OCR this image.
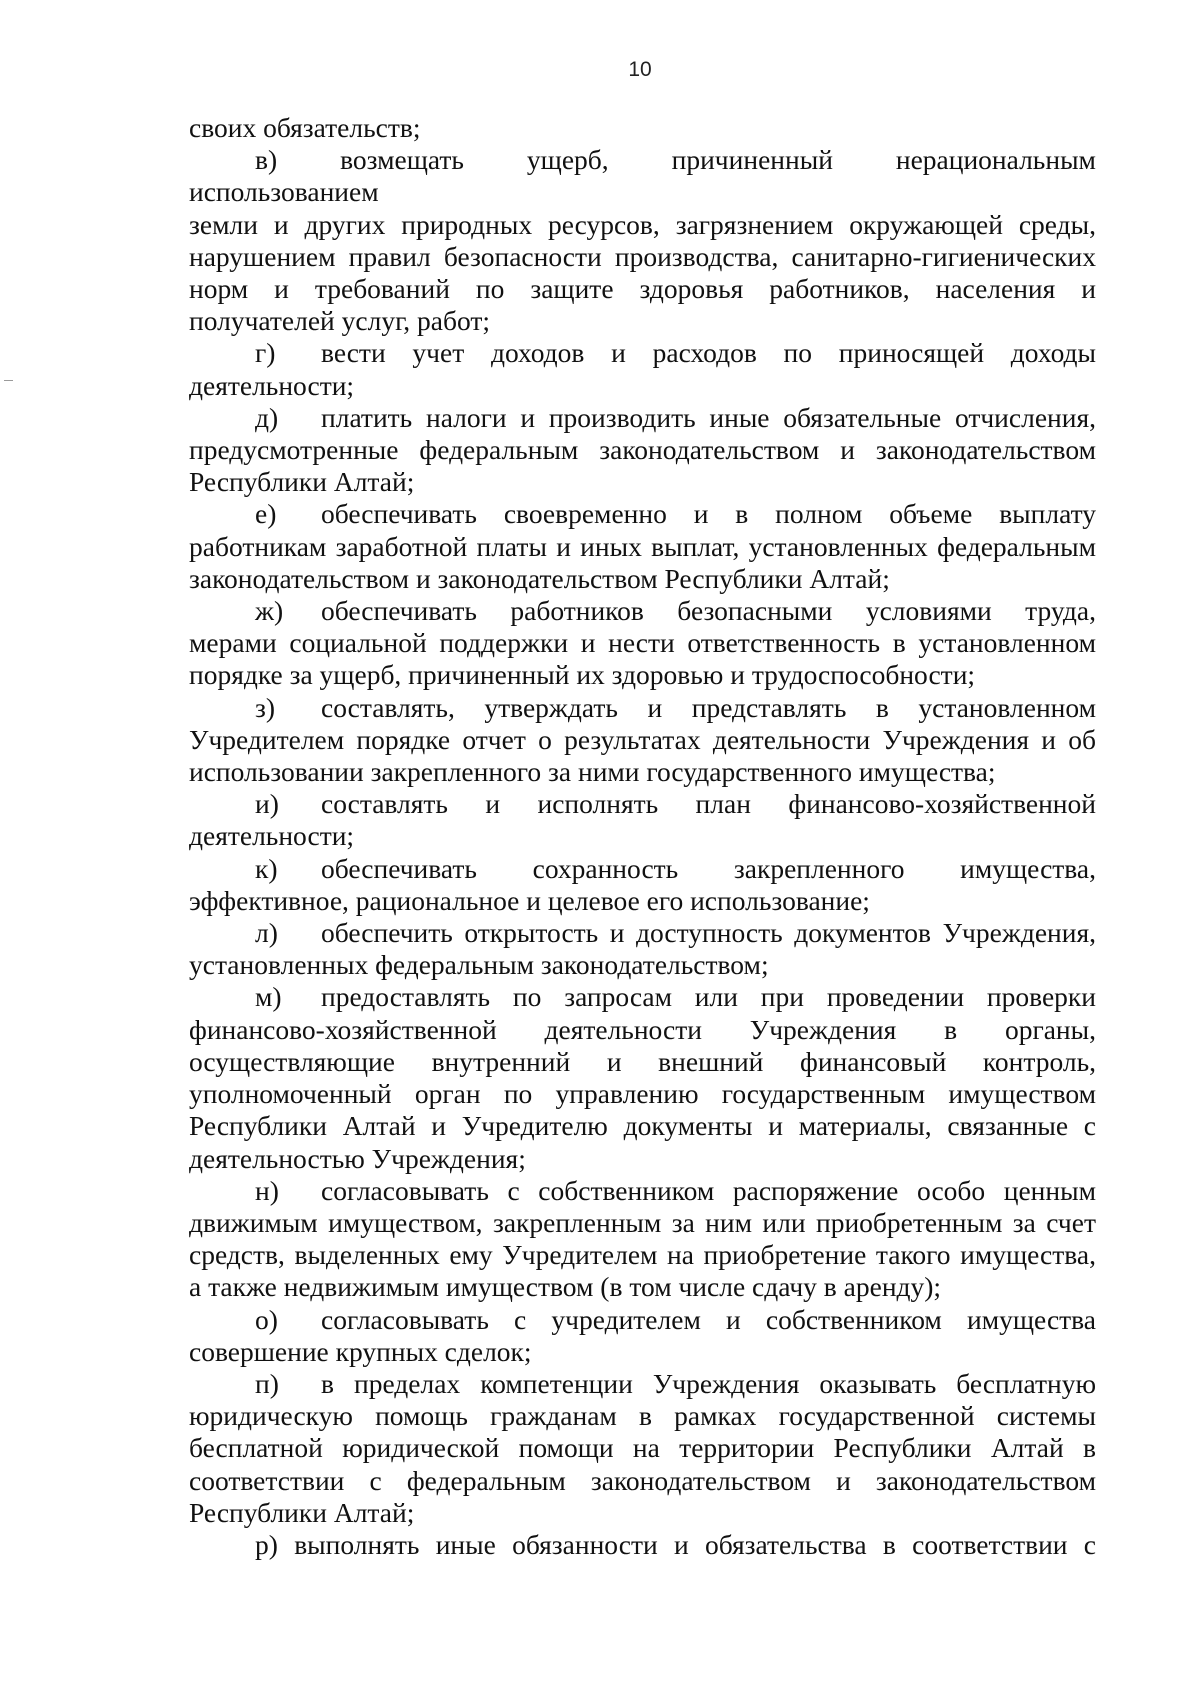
10
своих обязательств;
в) возмещать ущерб, причиненный нерациональным
использованием
земли и других природных ресурсов, загрязнением окружающей среды,
нарушением правил безопасности производства, санитарно-гигиенических
норм и требований по защите здоровья работников, населения и
получателей услуг, работ;
г) вести учет доходов и расходов по приносящей доходы
деятельности;
д) платить налоги и производить иные обязательные отчисления,
предусмотренные федеральным законодательством и законодательством
Республики Алтай;
е) обеспечивать своевременно и в полном объеме выплату
работникам заработной платы и иных выплат, установленных федеральным
законодательством и законодательством Республики Алтай;
ж) обеспечивать работников безопасными условиями труда,
мерами социальной поддержки и нести ответственность в установленном
порядке за ущерб, причиненный их здоровью и трудоспособности;
з) составлять, утверждать и представлять в установленном
Учредителем порядке отчет о результатах деятельности Учреждения и об
использовании закрепленного за ними государственного имущества;
и) составлять и исполнять план финансово-хозяйственной
деятельности;
к) обеспечивать сохранность закрепленного имущества,
эффективное, рациональное и целевое его использование;
л) обеспечить открытость и доступность документов Учреждения,
установленных федеральным законодательством;
м) предоставлять по запросам или при проведении проверки
финансово-хозяйственной деятельности Учреждения в органы,
осуществляющие внутренний и внешний финансовый контроль,
уполномоченный орган по управлению государственным имуществом
Республики Алтай и Учредителю документы и материалы, связанные с
деятельностью Учреждения;
н) согласовывать с собственником распоряжение особо ценным
движимым имуществом, закрепленным за ним или приобретенным за счет
средств, выделенных ему Учредителем на приобретение такого имущества,
а также недвижимым имуществом (в том числе сдачу в аренду);
о) согласовывать с учредителем и собственником имущества
совершение крупных сделок;
п) в пределах компетенции Учреждения оказывать бесплатную
юридическую помощь гражданам в рамках государственной системы
бесплатной юридической помощи на территории Республики Алтай в
соответствии с федеральным законодательством и законодательством
Республики Алтай;
р) выполнять иные обязанности и обязательства в соответствии с
